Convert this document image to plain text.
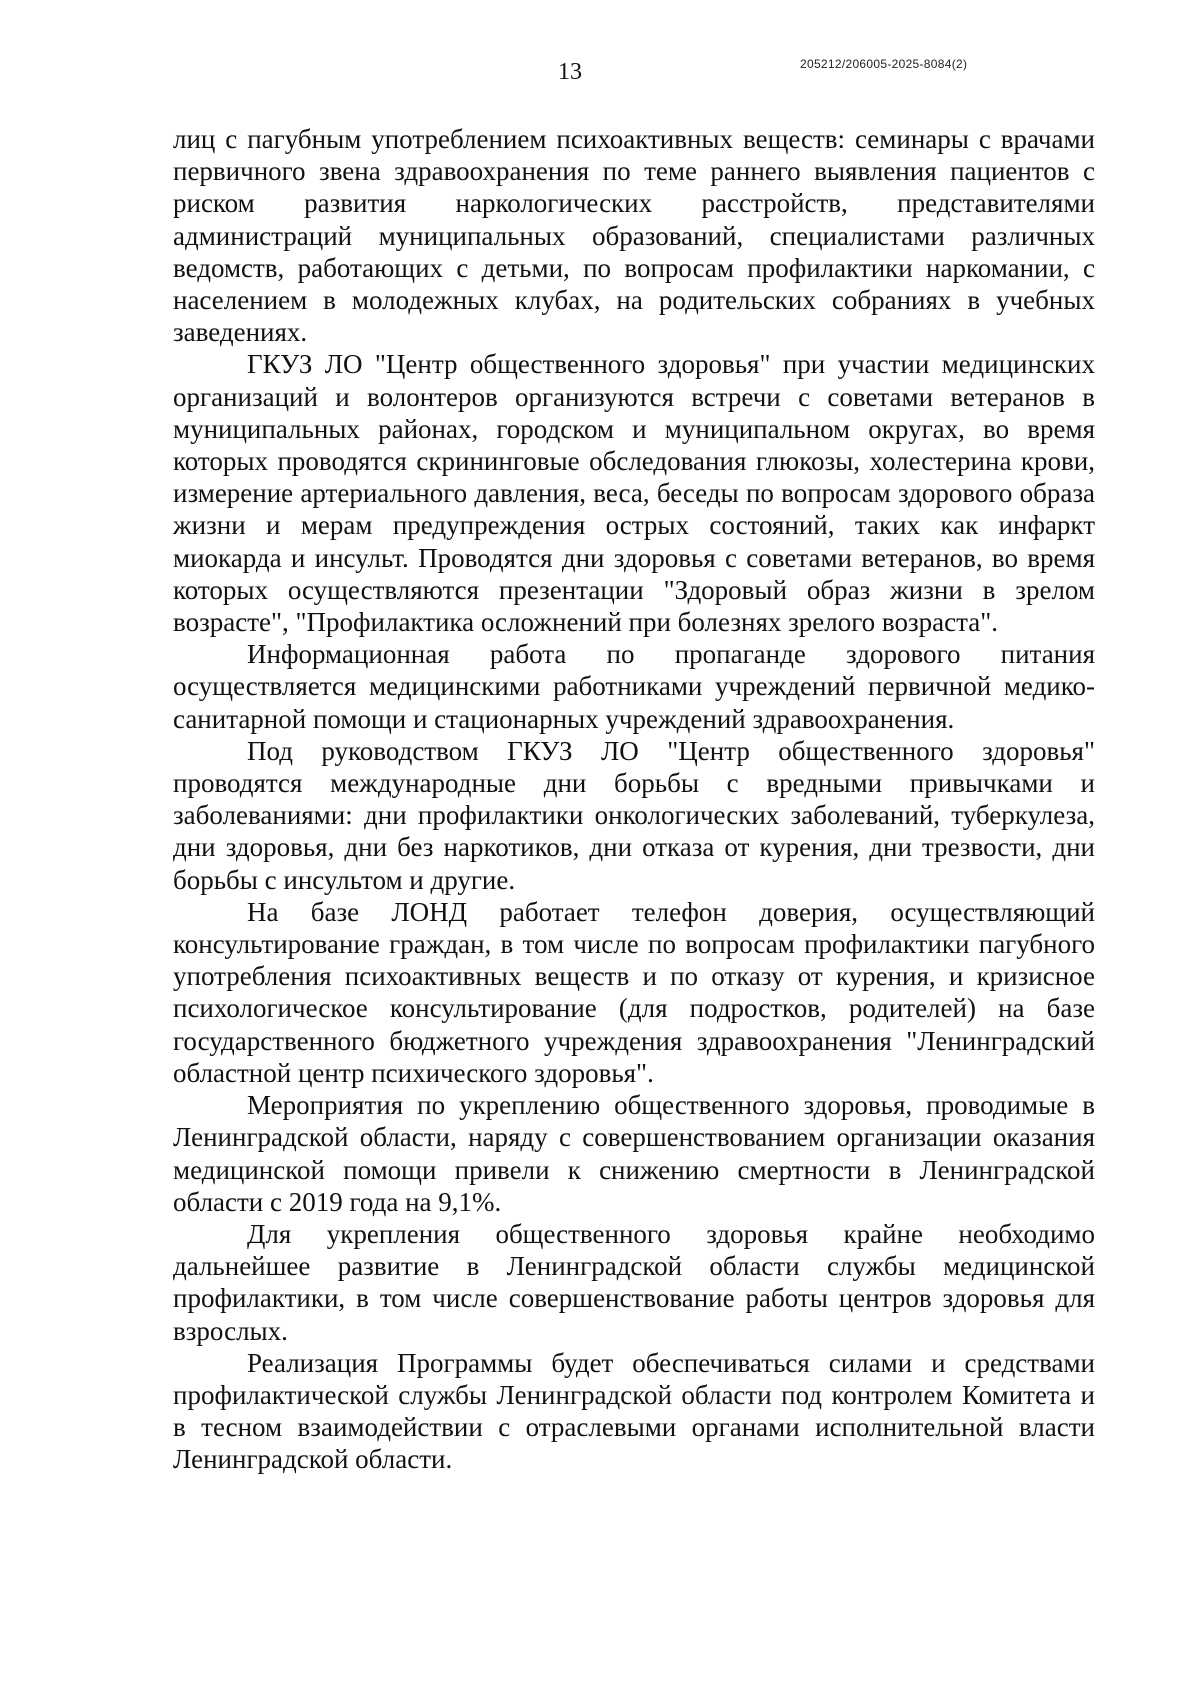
13	205212/206005-2025-8084(2)

лиц с пагубным употреблением психоактивных веществ: семинары с врачами первичного звена здравоохранения по теме раннего выявления пациентов с риском развития наркологических расстройств, представителями администраций муниципальных образований, специалистами различных ведомств, работающих с детьми, по вопросам профилактики наркомании, с населением в молодежных клубах, на родительских собраниях в учебных заведениях.

ГКУЗ ЛО "Центр общественного здоровья" при участии медицинских организаций и волонтеров организуются встречи с советами ветеранов в муниципальных районах, городском и муниципальном округах, во время которых проводятся скрининговые обследования глюкозы, холестерина крови, измерение артериального давления, веса, беседы по вопросам здорового образа жизни и мерам предупреждения острых состояний, таких как инфаркт миокарда и инсульт. Проводятся дни здоровья с советами ветеранов, во время которых осуществляются презентации "Здоровый образ жизни в зрелом возрасте", "Профилактика осложнений при болезнях зрелого возраста".

Информационная работа по пропаганде здорового питания осуществляется медицинскими работниками учреждений первичной медико-санитарной помощи и стационарных учреждений здравоохранения.

Под руководством ГКУЗ ЛО "Центр общественного здоровья" проводятся международные дни борьбы с вредными привычками и заболеваниями: дни профилактики онкологических заболеваний, туберкулеза, дни здоровья, дни без наркотиков, дни отказа от курения, дни трезвости, дни борьбы с инсультом и другие.

На базе ЛОНД работает телефон доверия, осуществляющий консультирование граждан, в том числе по вопросам профилактики пагубного употребления психоактивных веществ и по отказу от курения, и кризисное психологическое консультирование (для подростков, родителей) на базе государственного бюджетного учреждения здравоохранения "Ленинградский областной центр психического здоровья".

Мероприятия по укреплению общественного здоровья, проводимые в Ленинградской области, наряду с совершенствованием организации оказания медицинской помощи привели к снижению смертности в Ленинградской области с 2019 года на 9,1%.

Для укрепления общественного здоровья крайне необходимо дальнейшее развитие в Ленинградской области службы медицинской профилактики, в том числе совершенствование работы центров здоровья для взрослых.

Реализация Программы будет обеспечиваться силами и средствами профилактической службы Ленинградской области под контролем Комитета и в тесном взаимодействии с отраслевыми органами исполнительной власти Ленинградской области.
